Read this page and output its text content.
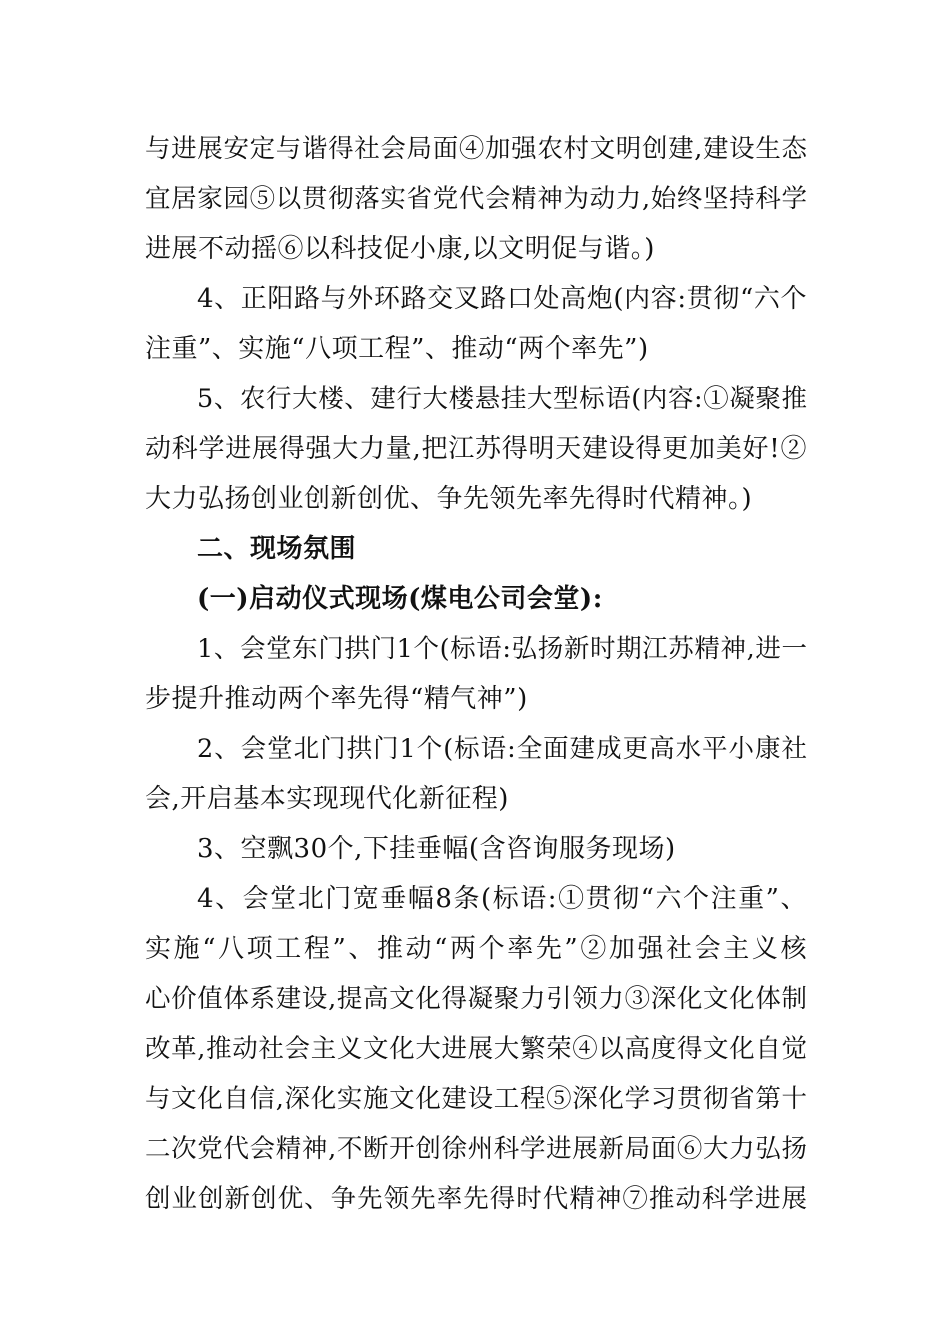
与进展安定与谐得社会局面④加强农村文明创建,建设生态
宜居家园⑤以贯彻落实省党代会精神为动力,始终坚持科学
进展不动摇⑥以科技促小康,以文明促与谐。)
4、正阳路与外环路交叉路口处高炮(内容:贯彻“六个
注重”、实施“八项工程”、推动“两个率先”)
5、农行大楼、建行大楼悬挂大型标语(内容:①凝聚推
动科学进展得强大力量,把江苏得明天建设得更加美好!②
大力弘扬创业创新创优、争先领先率先得时代精神。)
二、现场氛围
(一)启动仪式现场(煤电公司会堂):
1、会堂东门拱门1个(标语:弘扬新时期江苏精神,进一
步提升推动两个率先得“精气神”)
2、会堂北门拱门1个(标语:全面建成更高水平小康社
会,开启基本实现现代化新征程)
3、空飘30个,下挂垂幅(含咨询服务现场)
4、会堂北门宽垂幅8条(标语:①贯彻“六个注重”、
实施“八项工程”、推动“两个率先”②加强社会主义核
心价值体系建设,提高文化得凝聚力引领力③深化文化体制
改革,推动社会主义文化大进展大繁荣④以高度得文化自觉
与文化自信,深化实施文化建设工程⑤深化学习贯彻省第十
二次党代会精神,不断开创徐州科学进展新局面⑥大力弘扬
创业创新创优、争先领先率先得时代精神⑦推动科学进展
